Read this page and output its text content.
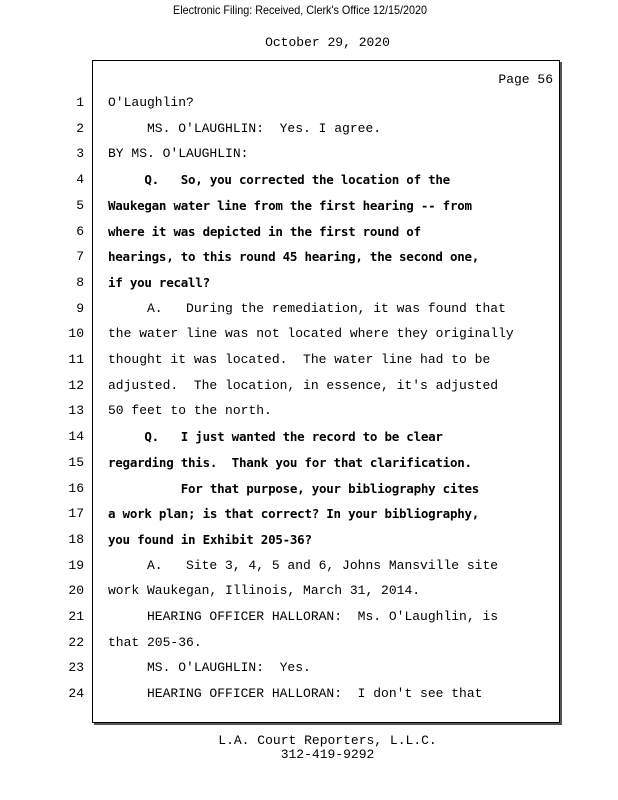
Electronic Filing: Received, Clerk's Office 12/15/2020
October 29, 2020
Page 56
1 O'Laughlin?
2 MS. O'LAUGHLIN:  Yes. I agree.
3 BY MS. O'LAUGHLIN:
4 Q.   So, you corrected the location of the
5 Waukegan water line from the first hearing -- from
6 where it was depicted in the first round of
7 hearings, to this round 45 hearing, the second one,
8 if you recall?
9 A.   During the remediation, it was found that
10 the water line was not located where they originally
11 thought it was located.  The water line had to be
12 adjusted.  The location, in essence, it's adjusted
13 50 feet to the north.
14 Q.   I just wanted the record to be clear
15 regarding this.  Thank you for that clarification.
16 For that purpose, your bibliography cites
17 a work plan; is that correct? In your bibliography,
18 you found in Exhibit 205-36?
19 A.   Site 3, 4, 5 and 6, Johns Mansville site
20 work Waukegan, Illinois, March 31, 2014.
21 HEARING OFFICER HALLORAN:  Ms. O'Laughlin, is
22 that 205-36.
23 MS. O'LAUGHLIN:  Yes.
24 HEARING OFFICER HALLORAN:  I don't see that
L.A. Court Reporters, L.L.C.
312-419-9292
